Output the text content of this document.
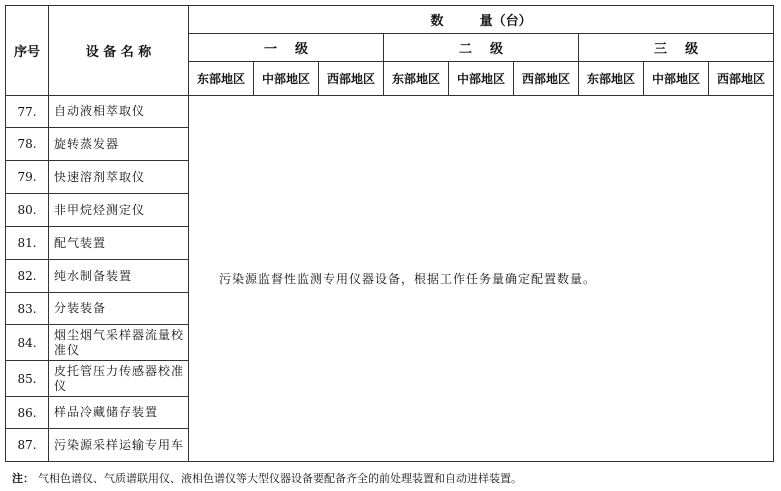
序号	设 备 名 称	数        量（台）								
		一    级			二    级			三    级		
		东部地区	中部地区	西部地区	东部地区	中部地区	西部地区	东部地区	中部地区	西部地区
77.	自动液相萃取仪	污染源监督性监测专用仪器设备，根据工作任务量确定配置数量。								
78.	旋转蒸发器									
79.	快速溶剂萃取仪									
80.	非甲烷烃测定仪									
81.	配气装置									
82.	纯水制备装置									
83.	分装装备									
84.	烟尘烟气采样器流量校准仪									
85.	皮托管压力传感器校准仪									
86.	样品冷藏储存装置									
87.	污染源采样运输专用车									
注： 气相色谱仪、气质谱联用仪、液相色谱仪等大型仪器设备要配备齐全的前处理装置和自动进样装置。
